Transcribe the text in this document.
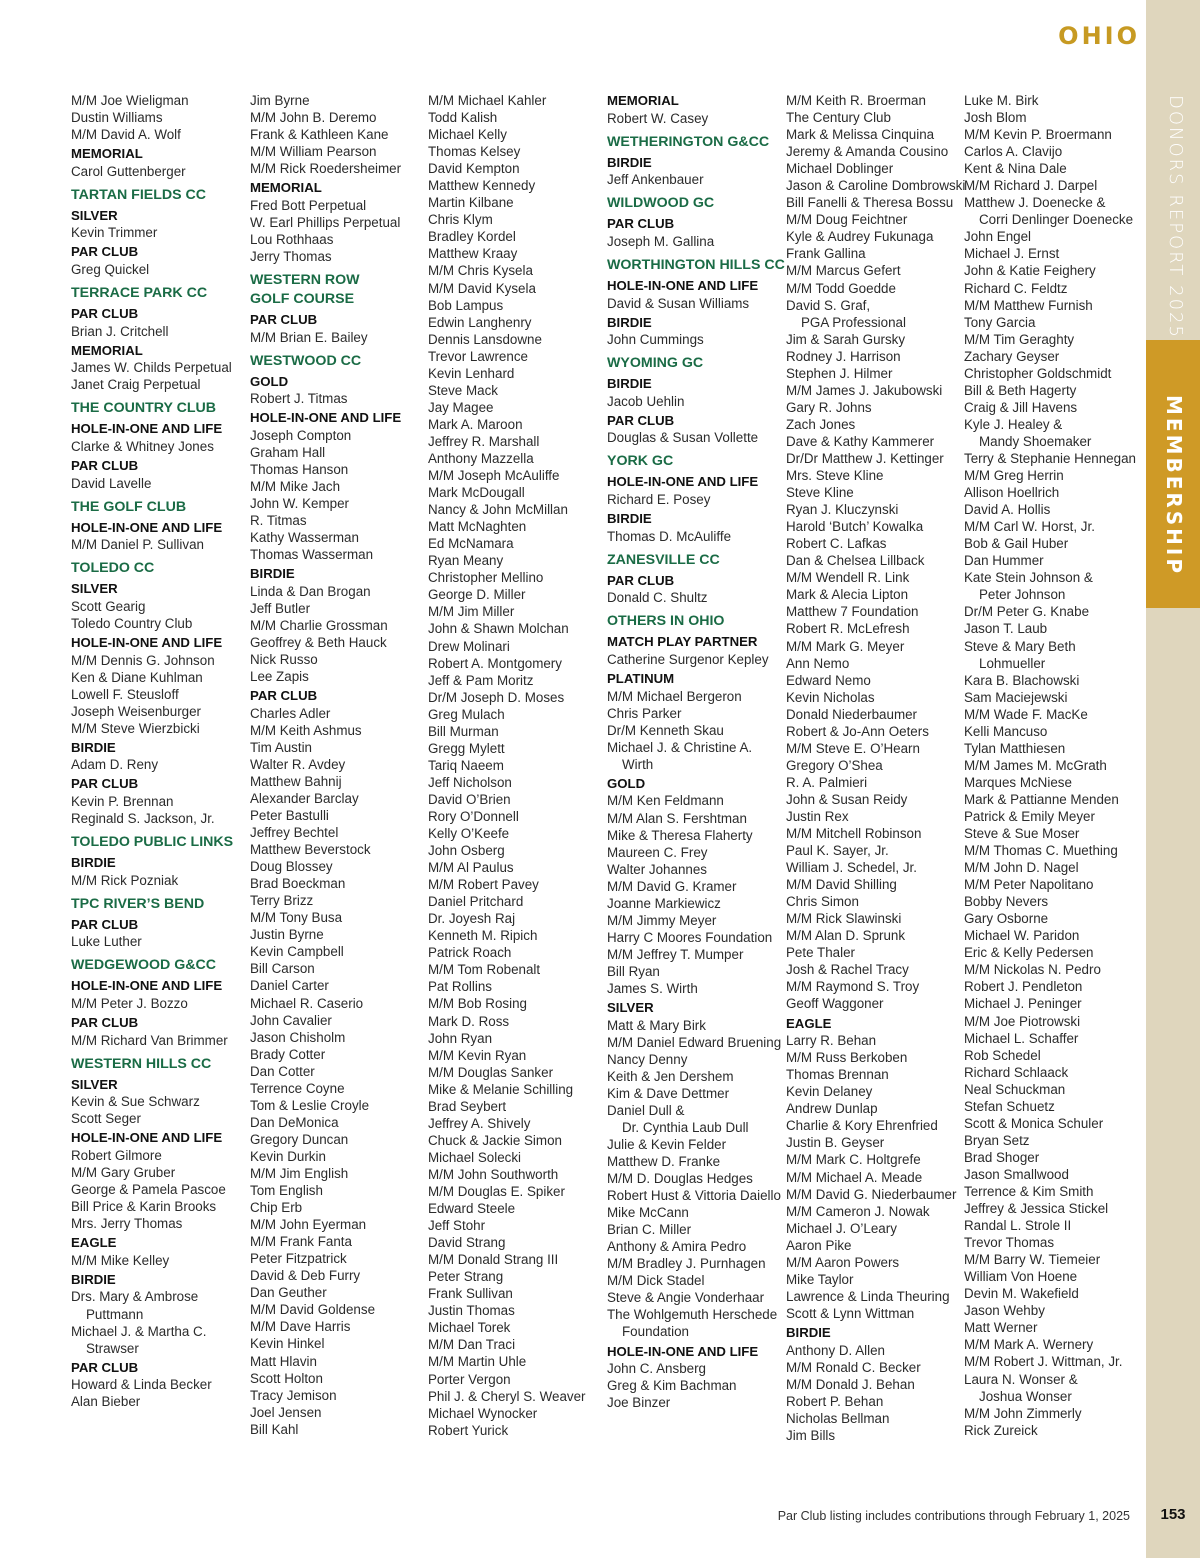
OHIO
DONORS REPORT 2025
MEMBERSHIP
M/M Joe Wieligman
Dustin Williams
M/M David A. Wolf
MEMORIAL
Carol Guttenberger
TARTAN FIELDS CC
SILVER
Kevin Trimmer
PAR CLUB
Greg Quickel
TERRACE PARK CC
PAR CLUB
Brian J. Critchell
MEMORIAL
James W. Childs Perpetual
Janet Craig Perpetual
THE COUNTRY CLUB
HOLE-IN-ONE AND LIFE
Clarke & Whitney Jones
PAR CLUB
David Lavelle
THE GOLF CLUB
HOLE-IN-ONE AND LIFE
M/M Daniel P. Sullivan
TOLEDO CC
SILVER
Scott Gearig
Toledo Country Club
HOLE-IN-ONE AND LIFE
M/M Dennis G. Johnson
Ken & Diane Kuhlman
Lowell F. Steusloff
Joseph Weisenburger
M/M Steve Wierzbicki
BIRDIE
Adam D. Reny
PAR CLUB
Kevin P. Brennan
Reginald S. Jackson, Jr.
TOLEDO PUBLIC LINKS
BIRDIE
M/M Rick Pozniak
TPC RIVER’S BEND
PAR CLUB
Luke Luther
WEDGEWOOD G&CC
HOLE-IN-ONE AND LIFE
M/M Peter J. Bozzo
PAR CLUB
M/M Richard Van Brimmer
WESTERN HILLS CC
SILVER
Kevin & Sue Schwarz
Scott Seger
HOLE-IN-ONE AND LIFE
Robert Gilmore
M/M Gary Gruber
George & Pamela Pascoe
Bill Price & Karin Brooks
Mrs. Jerry Thomas
EAGLE
M/M Mike Kelley
BIRDIE
Drs. Mary & Ambrose
Puttmann
Michael J. & Martha C.
Strawser
PAR CLUB
Howard & Linda Becker
Alan Bieber
Jim Byrne
M/M John B. Deremo
Frank & Kathleen Kane
M/M William Pearson
M/M Rick Roedersheimer
MEMORIAL
Fred Bott Perpetual
W. Earl Phillips Perpetual
Lou Rothhaas
Jerry Thomas
WESTERN ROW
GOLF COURSE
PAR CLUB
M/M Brian E. Bailey
WESTWOOD CC
GOLD
Robert J. Titmas
HOLE-IN-ONE AND LIFE
Joseph Compton
Graham Hall
Thomas Hanson
M/M Mike Jach
John W. Kemper
R. Titmas
Kathy Wasserman
Thomas Wasserman
BIRDIE
Linda & Dan Brogan
Jeff Butler
M/M Charlie Grossman
Geoffrey & Beth Hauck
Nick Russo
Lee Zapis
PAR CLUB
Charles Adler
M/M Keith Ashmus
Tim Austin
Walter R. Avdey
Matthew Bahnij
Alexander Barclay
Peter Bastulli
Jeffrey Bechtel
Matthew Beverstock
Doug Blossey
Brad Boeckman
Terry Brizz
M/M Tony Busa
Justin Byrne
Kevin Campbell
Bill Carson
Daniel Carter
Michael R. Caserio
John Cavalier
Jason Chisholm
Brady Cotter
Dan Cotter
Terrence Coyne
Tom & Leslie Croyle
Dan DeMonica
Gregory Duncan
Kevin Durkin
M/M Jim English
Tom English
Chip Erb
M/M John Eyerman
M/M Frank Fanta
Peter Fitzpatrick
David & Deb Furry
Dan Geuther
M/M David Goldense
M/M Dave Harris
Kevin Hinkel
Matt Hlavin
Scott Holton
Tracy Jemison
Joel Jensen
Bill Kahl
M/M Michael Kahler
Todd Kalish
Michael Kelly
Thomas Kelsey
David Kempton
Matthew Kennedy
Martin Kilbane
Chris Klym
Bradley Kordel
Matthew Kraay
M/M Chris Kysela
M/M David Kysela
Bob Lampus
Edwin Langhenry
Dennis Lansdowne
Trevor Lawrence
Kevin Lenhard
Steve Mack
Jay Magee
Mark A. Maroon
Jeffrey R. Marshall
Anthony Mazzella
M/M Joseph McAuliffe
Mark McDougall
Nancy & John McMillan
Matt McNaghten
Ed McNamara
Ryan Meany
Christopher Mellino
George D. Miller
M/M Jim Miller
John & Shawn Molchan
Drew Molinari
Robert A. Montgomery
Jeff & Pam Moritz
Dr/M Joseph D. Moses
Greg Mulach
Bill Murman
Gregg Mylett
Tariq Naeem
Jeff Nicholson
David O’Brien
Rory O’Donnell
Kelly O’Keefe
John Osberg
M/M Al Paulus
M/M Robert Pavey
Daniel Pritchard
Dr. Joyesh Raj
Kenneth M. Ripich
Patrick Roach
M/M Tom Robenalt
Pat Rollins
M/M Bob Rosing
Mark D. Ross
John Ryan
M/M Kevin Ryan
M/M Douglas Sanker
Mike & Melanie Schilling
Brad Seybert
Jeffrey A. Shively
Chuck & Jackie Simon
Michael Solecki
M/M John Southworth
M/M Douglas E. Spiker
Edward Steele
Jeff Stohr
David Strang
M/M Donald Strang III
Peter Strang
Frank Sullivan
Justin Thomas
Michael Torek
M/M Dan Traci
M/M Martin Uhle
Porter Vergon
Phil J. & Cheryl S. Weaver
Michael Wynocker
Robert Yurick
MEMORIAL
Robert W. Casey
WETHERINGTON G&CC
BIRDIE
Jeff Ankenbauer
WILDWOOD GC
PAR CLUB
Joseph M. Gallina
WORTHINGTON HILLS CC
HOLE-IN-ONE AND LIFE
David & Susan Williams
BIRDIE
John Cummings
WYOMING GC
BIRDIE
Jacob Uehlin
PAR CLUB
Douglas & Susan Vollette
YORK GC
HOLE-IN-ONE AND LIFE
Richard E. Posey
BIRDIE
Thomas D. McAuliffe
ZANESVILLE CC
PAR CLUB
Donald C. Shultz
OTHERS IN OHIO
MATCH PLAY PARTNER
Catherine Surgenor Kepley
PLATINUM
M/M Michael Bergeron
Chris Parker
Dr/M Kenneth Skau
Michael J. & Christine A.
Wirth
GOLD
M/M Ken Feldmann
M/M Alan S. Fershtman
Mike & Theresa Flaherty
Maureen C. Frey
Walter Johannes
M/M David G. Kramer
Joanne Markiewicz
M/M Jimmy Meyer
Harry C Moores Foundation
M/M Jeffrey T. Mumper
Bill Ryan
James S. Wirth
SILVER
Matt & Mary Birk
M/M Daniel Edward Bruening
Nancy Denny
Keith & Jen Dershem
Kim & Dave Dettmer
Daniel Dull &
Dr. Cynthia Laub Dull
Julie & Kevin Felder
Matthew D. Franke
M/M D. Douglas Hedges
Robert Hust & Vittoria Daiello
Mike McCann
Brian C. Miller
Anthony & Amira Pedro
M/M Bradley J. Purnhagen
M/M Dick Stadel
Steve & Angie Vonderhaar
The Wohlgemuth Herschede
Foundation
HOLE-IN-ONE AND LIFE
John C. Ansberg
Greg & Kim Bachman
Joe Binzer
M/M Keith R. Broerman
The Century Club
Mark & Melissa Cinquina
Jeremy & Amanda Cousino
Michael Doblinger
Jason & Caroline Dombrowski
Bill Fanelli & Theresa Bossu
M/M Doug Feichtner
Kyle & Audrey Fukunaga
Frank Gallina
M/M Marcus Gefert
M/M Todd Goedde
David S. Graf,
PGA Professional
Jim & Sarah Gursky
Rodney J. Harrison
Stephen J. Hilmer
M/M James J. Jakubowski
Gary R. Johns
Zach Jones
Dave & Kathy Kammerer
Dr/Dr Matthew J. Kettinger
Mrs. Steve Kline
Steve Kline
Ryan J. Kluczynski
Harold ‘Butch’ Kowalka
Robert C. Lafkas
Dan & Chelsea Lillback
M/M Wendell R. Link
Mark & Alecia Lipton
Matthew 7 Foundation
Robert R. McLefresh
M/M Mark G. Meyer
Ann Nemo
Edward Nemo
Kevin Nicholas
Donald Niederbaumer
Robert & Jo-Ann Oeters
M/M Steve E. O’Hearn
Gregory O’Shea
R. A. Palmieri
John & Susan Reidy
Justin Rex
M/M Mitchell Robinson
Paul K. Sayer, Jr.
William J. Schedel, Jr.
M/M David Shilling
Chris Simon
M/M Rick Slawinski
M/M Alan D. Sprunk
Pete Thaler
Josh & Rachel Tracy
M/M Raymond S. Troy
Geoff Waggoner
EAGLE
Larry R. Behan
M/M Russ Berkoben
Thomas Brennan
Kevin Delaney
Andrew Dunlap
Charlie & Kory Ehrenfried
Justin B. Geyser
M/M Mark C. Holtgrefe
M/M Michael A. Meade
M/M David G. Niederbaumer
M/M Cameron J. Nowak
Michael J. O’Leary
Aaron Pike
M/M Aaron Powers
Mike Taylor
Lawrence & Linda Theuring
Scott & Lynn Wittman
BIRDIE
Anthony D. Allen
M/M Ronald C. Becker
M/M Donald J. Behan
Robert P. Behan
Nicholas Bellman
Jim Bills
Luke M. Birk
Josh Blom
M/M Kevin P. Broermann
Carlos A. Clavijo
Kent & Nina Dale
M/M Richard J. Darpel
Matthew J. Doenecke &
Corri Denlinger Doenecke
John Engel
Michael J. Ernst
John & Katie Feighery
Richard C. Feldtz
M/M Matthew Furnish
Tony Garcia
M/M Tim Geraghty
Zachary Geyser
Christopher Goldschmidt
Bill & Beth Hagerty
Craig & Jill Havens
Kyle J. Healey &
Mandy Shoemaker
Terry & Stephanie Hennegan
M/M Greg Herrin
Allison Hoellrich
David A. Hollis
M/M Carl W. Horst, Jr.
Bob & Gail Huber
Dan Hummer
Kate Stein Johnson &
Peter Johnson
Dr/M Peter G. Knabe
Jason T. Laub
Steve & Mary Beth
Lohmueller
Kara B. Blachowski
Sam Maciejewski
M/M Wade F. MacKe
Kelli Mancuso
Tylan Matthiesen
M/M James M. McGrath
Marques McNiese
Mark & Pattianne Menden
Patrick & Emily Meyer
Steve & Sue Moser
M/M Thomas C. Muething
M/M John D. Nagel
M/M Peter Napolitano
Bobby Nevers
Gary Osborne
Michael W. Paridon
Eric & Kelly Pedersen
M/M Nickolas N. Pedro
Robert J. Pendleton
Michael J. Peninger
M/M Joe Piotrowski
Michael L. Schaffer
Rob Schedel
Richard Schlaack
Neal Schuckman
Stefan Schuetz
Scott & Monica Schuler
Bryan Setz
Brad Shoger
Jason Smallwood
Terrence & Kim Smith
Jeffrey & Jessica Stickel
Randal L. Strole II
Trevor Thomas
M/M Barry W. Tiemeier
William Von Hoene
Devin M. Wakefield
Jason Wehby
Matt Werner
M/M Mark A. Wernery
M/M Robert J. Wittman, Jr.
Laura N. Wonser &
Joshua Wonser
M/M John Zimmerly
Rick Zureick
Par Club listing includes contributions through February 1, 2025	153
